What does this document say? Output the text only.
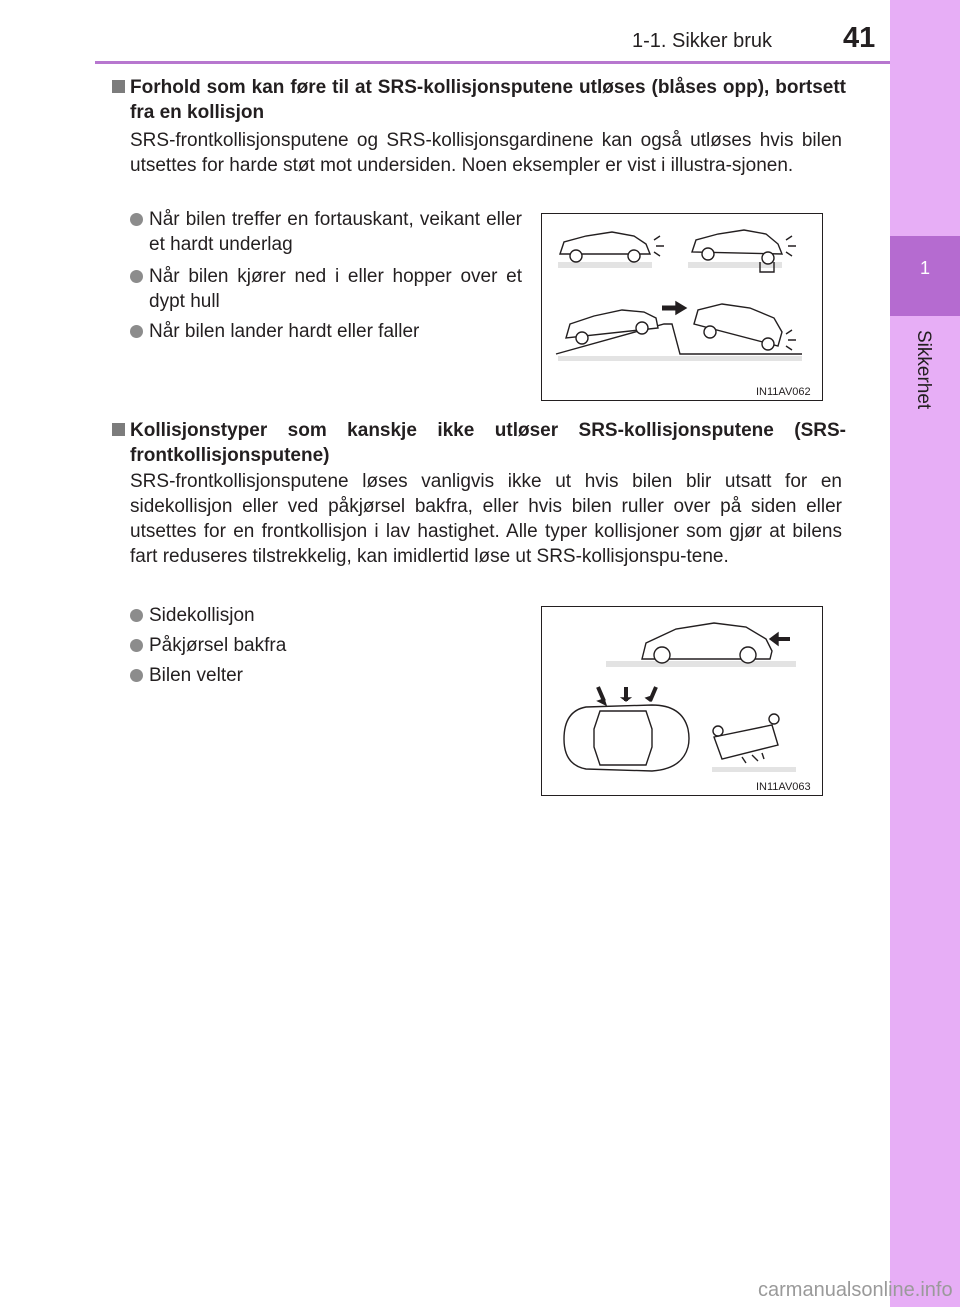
1-1. Sikker bruk 41
1
Sikkerhet
Forhold som kan føre til at SRS-kollisjonsputene utløses (blåses opp), bortsett fra en kollisjon
SRS-frontkollisjonsputene og SRS-kollisjonsgardinene kan også utløses hvis bilen utsettes for harde støt mot undersiden. Noen eksempler er vist i illustra-sjonen.
Når bilen treffer en fortauskant, veikant eller et hardt underlag
Når bilen kjører ned i eller hopper over et dypt hull
Når bilen lander hardt eller faller
IN11AV062
Kollisjonstyper som kanskje ikke utløser SRS-kollisjonsputene (SRS-frontkollisjonsputene)
SRS-frontkollisjonsputene løses vanligvis ikke ut hvis bilen blir utsatt for en sidekollisjon eller ved påkjørsel bakfra, eller hvis bilen ruller over på siden eller utsettes for en frontkollisjon i lav hastighet. Alle typer kollisjoner som gjør at bilens fart reduseres tilstrekkelig, kan imidlertid løse ut SRS-kollisjonspu-tene.
Sidekollisjon
Påkjørsel bakfra
Bilen velter
IN11AV063
carmanualsonline.info
